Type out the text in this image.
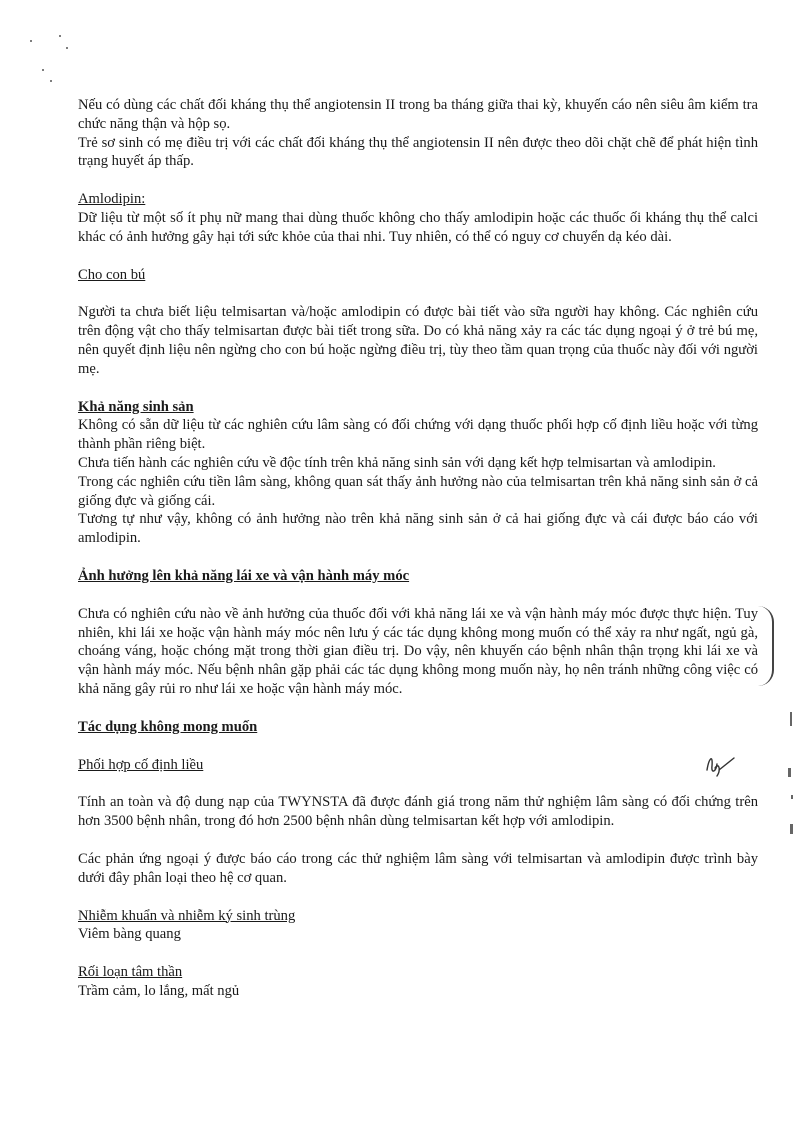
Nếu có dùng các chất đối kháng thụ thể angiotensin II trong ba tháng giữa thai kỳ, khuyến cáo nên siêu âm kiểm tra chức năng thận và hộp sọ.

Trẻ sơ sinh có mẹ điều trị với các chất đối kháng thụ thể angiotensin II nên được theo dõi chặt chẽ để phát hiện tình trạng huyết áp thấp.

Amlodipin:

Dữ liệu từ một số ít phụ nữ mang thai dùng thuốc không cho thấy amlodipin hoặc các thuốc ối kháng thụ thể calci khác có ảnh hưởng gây hại tới sức khỏe của thai nhi. Tuy nhiên, có thể có nguy cơ chuyển dạ kéo dài.

Cho con bú

Người ta chưa biết liệu telmisartan và/hoặc amlodipin có được bài tiết vào sữa người hay không. Các nghiên cứu trên động vật cho thấy telmisartan được bài tiết trong sữa. Do có khả năng xảy ra các tác dụng ngoại ý ở trẻ bú mẹ, nên quyết định liệu nên ngừng cho con bú hoặc ngừng điều trị, tùy theo tầm quan trọng của thuốc này đối với người mẹ.

Khả năng sinh sản

Không có sẵn dữ liệu từ các nghiên cứu lâm sàng có đối chứng với dạng thuốc phối hợp cố định liều hoặc với từng thành phần riêng biệt.

Chưa tiến hành các nghiên cứu về độc tính trên khả năng sinh sản với dạng kết hợp telmisartan và amlodipin.

Trong các nghiên cứu tiền lâm sàng, không quan sát thấy ảnh hưởng nào của telmisartan trên khả năng sinh sản ở cả giống đực và giống cái.

Tương tự như vậy, không có ảnh hưởng nào trên khả năng sinh sản ở cả hai giống đực và cái được báo cáo với amlodipin.

Ảnh hưởng lên khả năng lái xe và vận hành máy móc

Chưa có nghiên cứu nào về ảnh hưởng của thuốc đối với khả năng lái xe và vận hành máy móc được thực hiện. Tuy nhiên, khi lái xe hoặc vận hành máy móc nên lưu ý các tác dụng không mong muốn có thể xảy ra như ngất, ngủ gà, choáng váng, hoặc chóng mặt trong thời gian điều trị. Do vậy, nên khuyến cáo bệnh nhân thận trọng khi lái xe và vận hành máy móc. Nếu bệnh nhân gặp phải các tác dụng không mong muốn này, họ nên tránh những công việc có khả năng gây rủi ro như lái xe hoặc vận hành máy móc.

Tác dụng không mong muốn

Phối hợp cố định liều

Tính an toàn và độ dung nạp của TWYNSTA đã được đánh giá trong năm thử nghiệm lâm sàng có đối chứng trên hơn 3500 bệnh nhân, trong đó hơn 2500 bệnh nhân dùng telmisartan kết hợp với amlodipin.

Các phản ứng ngoại ý được báo cáo trong các thử nghiệm lâm sàng với telmisartan và amlodipin được trình bày dưới đây phân loại theo hệ cơ quan.

Nhiễm khuẩn và nhiễm ký sinh trùng

Viêm bàng quang

Rối loạn tâm thần

Trầm cảm, lo lắng, mất ngủ
